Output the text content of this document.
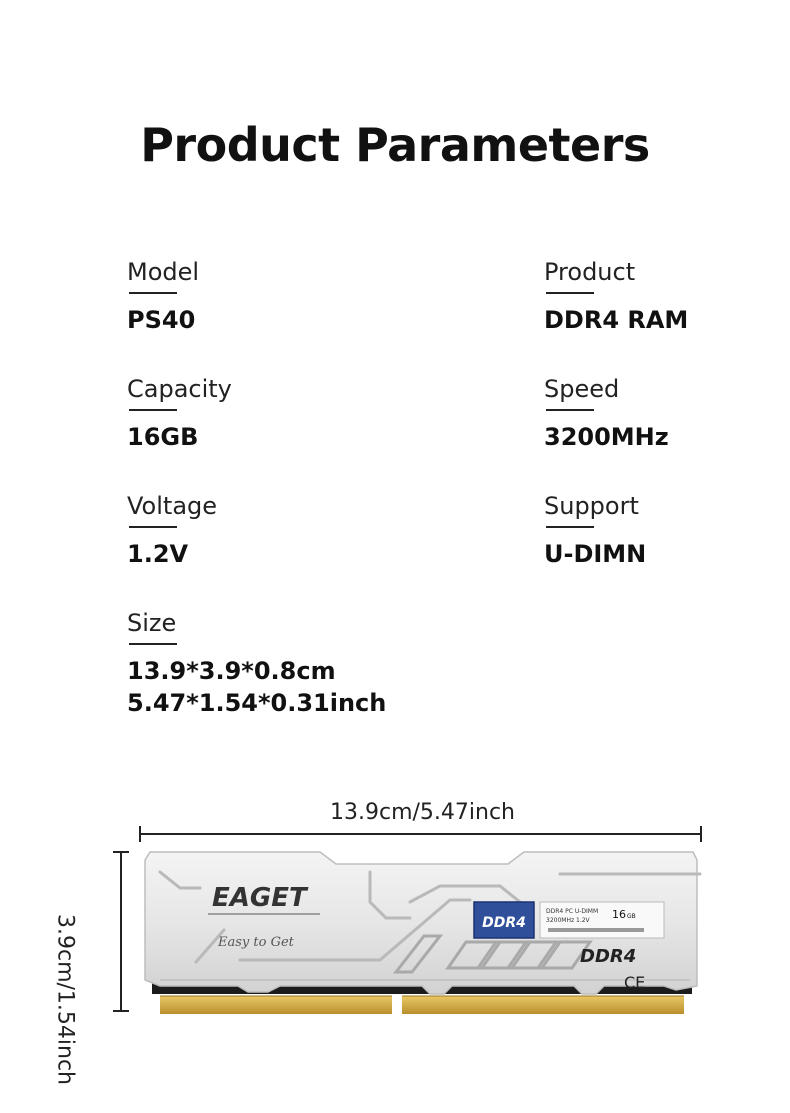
Product Parameters
Model
PS40
Capacity
16GB
Voltage
1.2V
Size
13.9*3.9*0.8cm
5.47*1.54*0.31inch
Product
DDR4 RAM
Speed
3200MHz
Support
U-DIMN
13.9cm/5.47inch
3.9cm/1.54inch
EAGET
Easy to Get
DDR4
DDR4 PC U-DIMM
3200MHz 1.2V 16 GB
DDR4
CE
